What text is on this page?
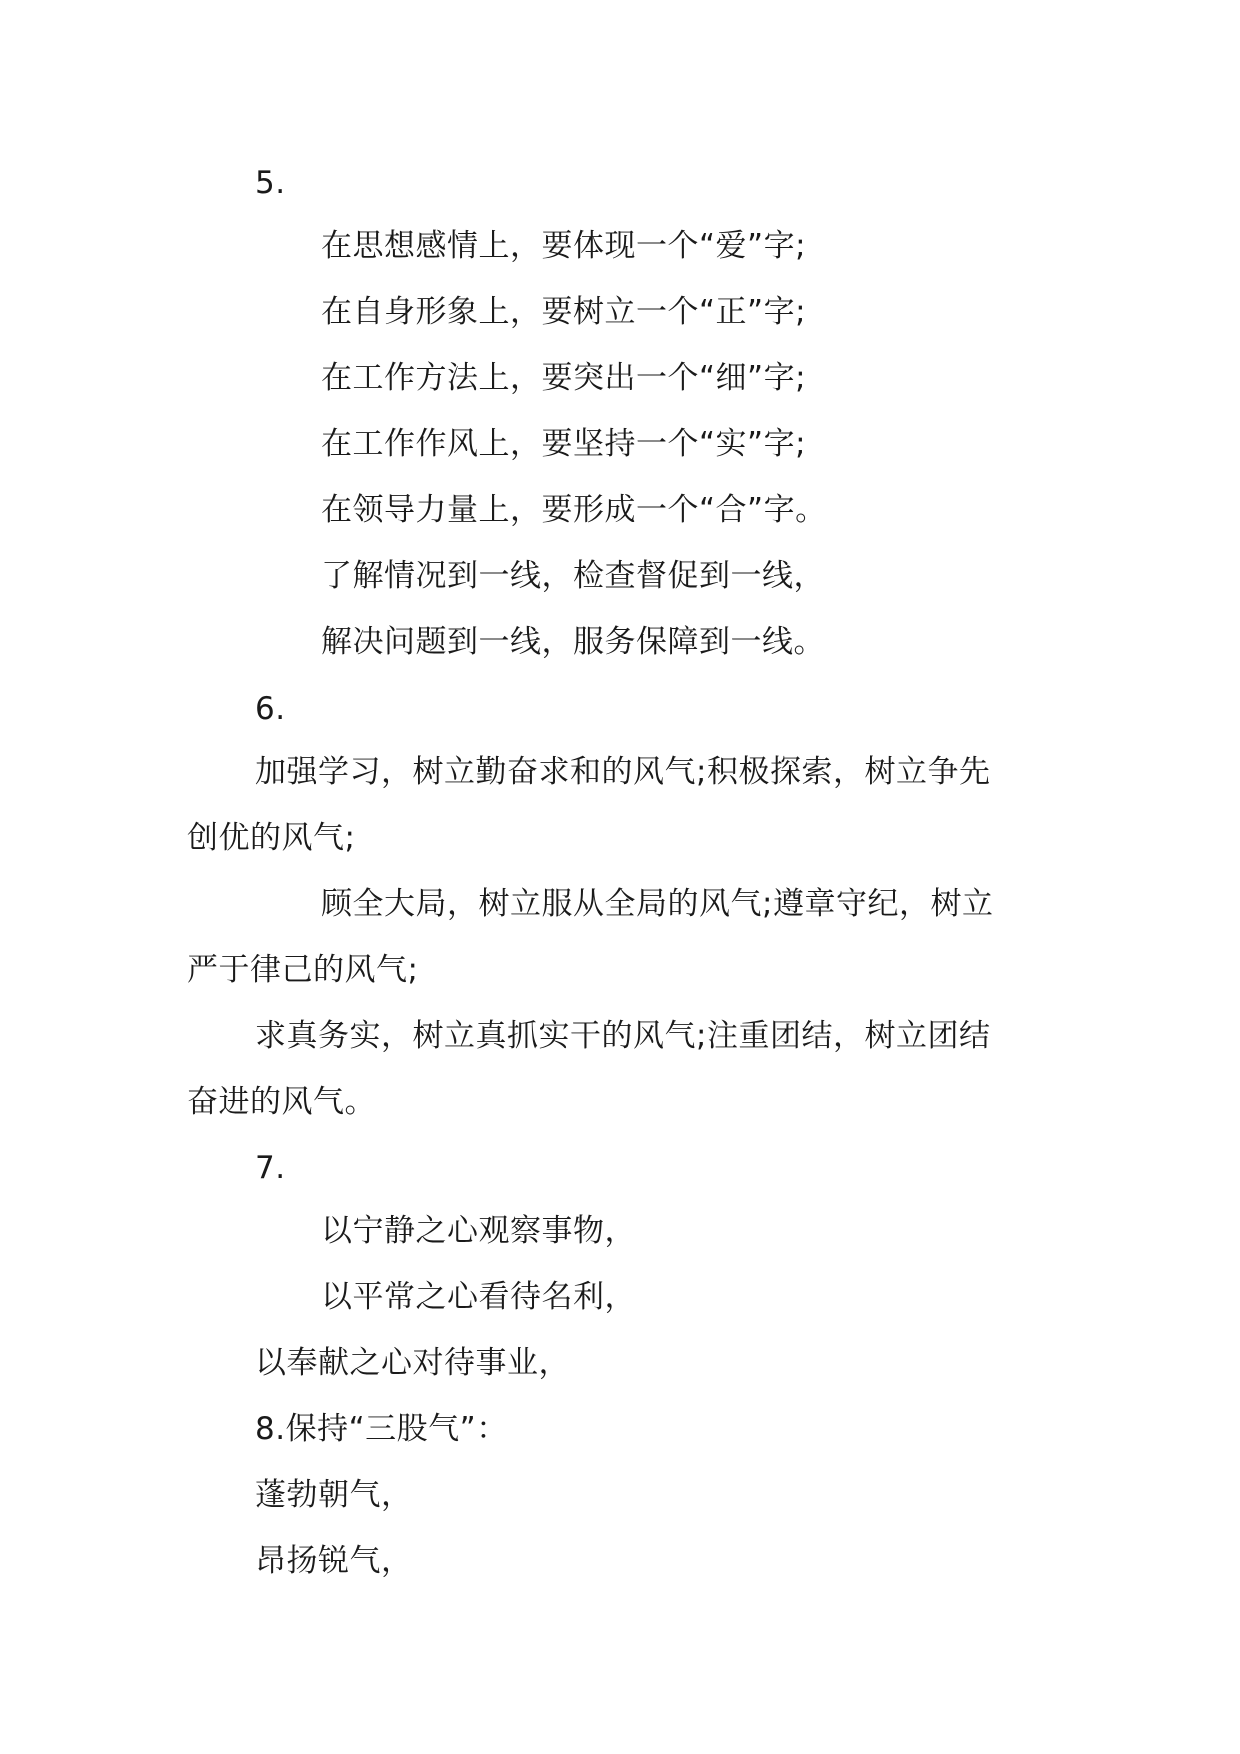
5.
在思想感情上，要体现一个“爱”字;
在自身形象上，要树立一个“正”字;
在工作方法上，要突出一个“细”字;
在工作作风上，要坚持一个“实”字;
在领导力量上，要形成一个“合”字。
了解情况到一线，检查督促到一线，
解决问题到一线，服务保障到一线。
6.
加强学习，树立勤奋求和的风气;积极探索，树立争先
创优的风气;
顾全大局，树立服从全局的风气;遵章守纪，树立
严于律己的风气;
求真务实，树立真抓实干的风气;注重团结，树立团结
奋进的风气。
7.
以宁静之心观察事物，
以平常之心看待名利，
以奉献之心对待事业，
8.保持“三股气”：
蓬勃朝气，
昂扬锐气，
